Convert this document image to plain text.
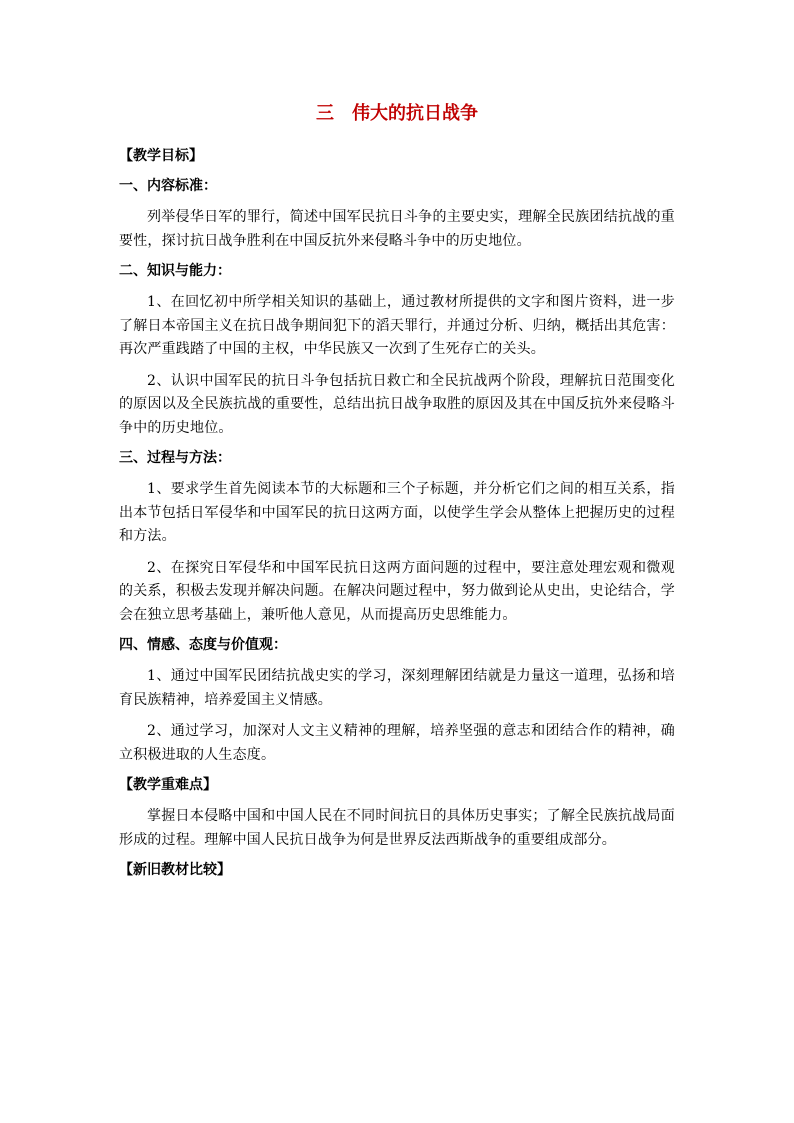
三　伟大的抗日战争
【教学目标】
一、内容标准：

列举侵华日军的罪行，简述中国军民抗日斗争的主要史实，理解全民族团结抗战的重要性，探讨抗日战争胜利在中国反抗外来侵略斗争中的历史地位。

二、知识与能力：

1、在回忆初中所学相关知识的基础上，通过教材所提供的文字和图片资料，进一步了解日本帝国主义在抗日战争期间犯下的滔天罪行，并通过分析、归纳，概括出其危害：再次严重践踏了中国的主权，中华民族又一次到了生死存亡的关头。

2、认识中国军民的抗日斗争包括抗日救亡和全民抗战两个阶段，理解抗日范围变化的原因以及全民族抗战的重要性，总结出抗日战争取胜的原因及其在中国反抗外来侵略斗争中的历史地位。

三、过程与方法：

1、要求学生首先阅读本节的大标题和三个子标题，并分析它们之间的相互关系，指出本节包括日军侵华和中国军民的抗日这两方面，以使学生学会从整体上把握历史的过程和方法。

2、在探究日军侵华和中国军民抗日这两方面问题的过程中，要注意处理宏观和微观的关系，积极去发现并解决问题。在解决问题过程中，努力做到论从史出，史论结合，学会在独立思考基础上，兼听他人意见，从而提高历史思维能力。

四、情感、态度与价值观：

1、通过中国军民团结抗战史实的学习，深刻理解团结就是力量这一道理，弘扬和培育民族精神，培养爱国主义情感。

2、通过学习，加深对人文主义精神的理解，培养坚强的意志和团结合作的精神，确立积极进取的人生态度。

【教学重难点】

掌握日本侵略中国和中国人民在不同时间抗日的具体历史事实；了解全民族抗战局面形成的过程。理解中国人民抗日战争为何是世界反法西斯战争的重要组成部分。

【新旧教材比较】
